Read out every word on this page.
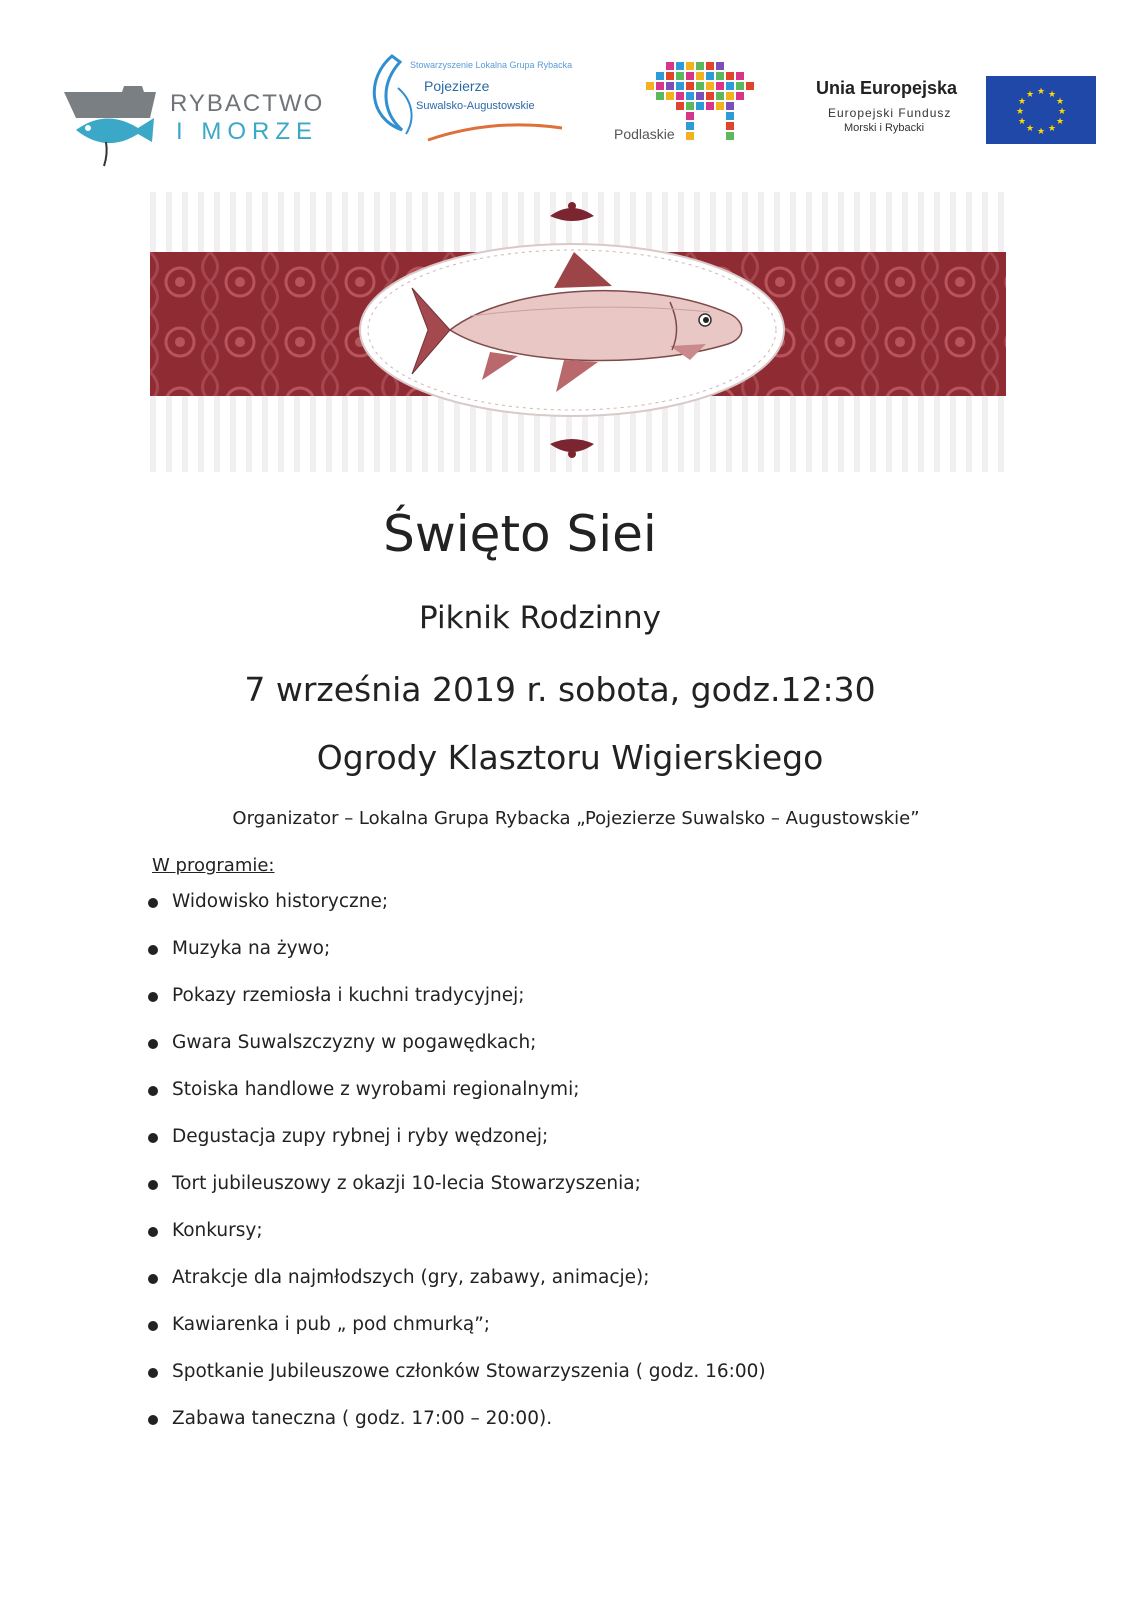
RYBACTWO
I MORZE
Stowarzyszenie Lokalna Grupa Rybacka
Pojezierze
Suwalsko-Augustowskie
Podlaskie
Unia Europejska
Europejski Fundusz
Morski i Rybacki
★ ★
★
★
★
★
★
★
★
★
★
★
Święto Siei
Piknik Rodzinny
7 września 2019 r. sobota, godz.12:30
Ogrody Klasztoru Wigierskiego
Organizator – Lokalna Grupa Rybacka „Pojezierze Suwalsko – Augustowskie”
W programie:
Widowisko historyczne;
Muzyka na żywo;
Pokazy rzemiosła i kuchni tradycyjnej;
Gwara Suwalszczyzny w pogawędkach;
Stoiska handlowe z wyrobami regionalnymi;
Degustacja zupy rybnej i ryby wędzonej;
Tort jubileuszowy z okazji 10-lecia Stowarzyszenia;
Konkursy;
Atrakcje dla najmłodszych (gry, zabawy, animacje);
Kawiarenka i pub „ pod chmurką”;
Spotkanie Jubileuszowe członków Stowarzyszenia ( godz. 16:00)
Zabawa taneczna ( godz. 17:00 – 20:00).
